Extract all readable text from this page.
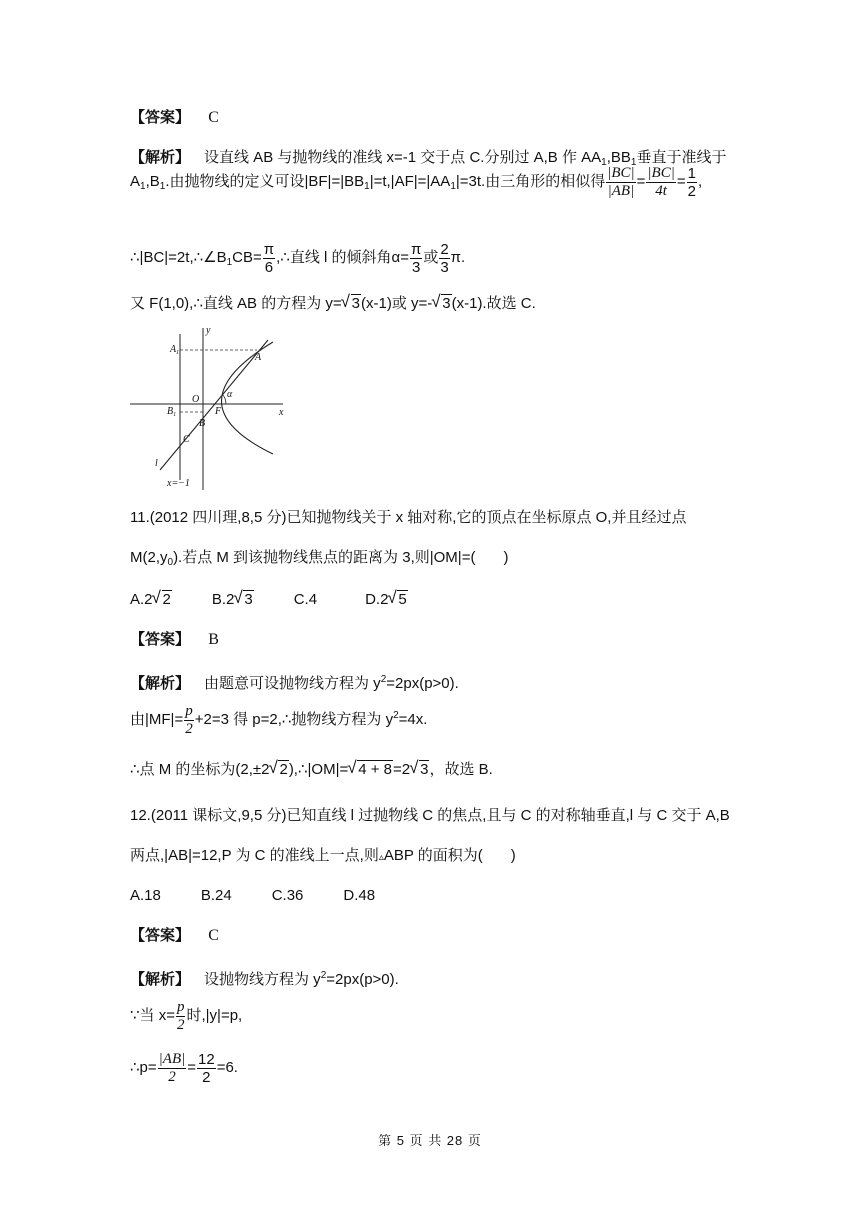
【答案】 C
【解析】 设直线 AB 与抛物线的准线 x=-1 交于点 C.分别过 A,B 作 $AA_1,BB_1$垂直于准线于
$A_1,B_1$.由抛物线的定义可设$|BF|=|BB_1|=t,|AF|=|AA_1|=3t$.由三角形的相似得 $\frac{|BC|}{|AB|} = \frac{|BC|}{4t} = \frac{1}{2}$ ,
$\therefore|BC|=2t,\therefore\angle B_1CB= \frac{\pi}{6}$ ,∴直线 l 的倾斜角$\alpha= \frac{\pi}{3}$ 或 $\frac{2}{3} \pi$.
又 F(1,0),∴直线 AB 的方程为 y= √ 3(x-1)或 y=- √ 3(x-1).故选 C.
y
x
$A_1$	A
$B_1$
O
F
B
C
α
l
x=−1
11.(2012 四川理,8,5 分)已知抛物线关于 x 轴对称,它的顶点在坐标原点 O,并且经过点
$M(2,y_0)$.若点 M 到该抛物线焦点的距离为 3,则|OM|=( )
A.2 √ 2	B.2 √ 3	C.4	D.2 √ 5
【答案】 B
【解析】 由题意可设抛物线方程为 $y^2=2px(p>0)$.
由$|MF|= \frac{p}{2} +2=3$ 得 p=2,∴抛物线方程为 $y^2=4x$.
∴点 M 的坐标为(2,±2 √ 2),∴|OM|= √ 4 + 8=2 √ 3，故选 B.
12.(2011 课标文,9,5 分)已知直线 l 过抛物线 C 的焦点,且与 C 的对称轴垂直,l 与 C 交于 A,B
两点,|AB|=12,P 为 C 的准线上一点,则▵ABP 的面积为( )
A.18	B.24	C.36	D.48
【答案】 C
【解析】 设抛物线方程为 $y^2=2px(p>0)$.
∵当 $x= \frac{p}{2}$ 时,|y|=p,
∴p= $\frac{|AB|}{2} = \frac{12}{2} =6$.
第 5 页 共 28 页
